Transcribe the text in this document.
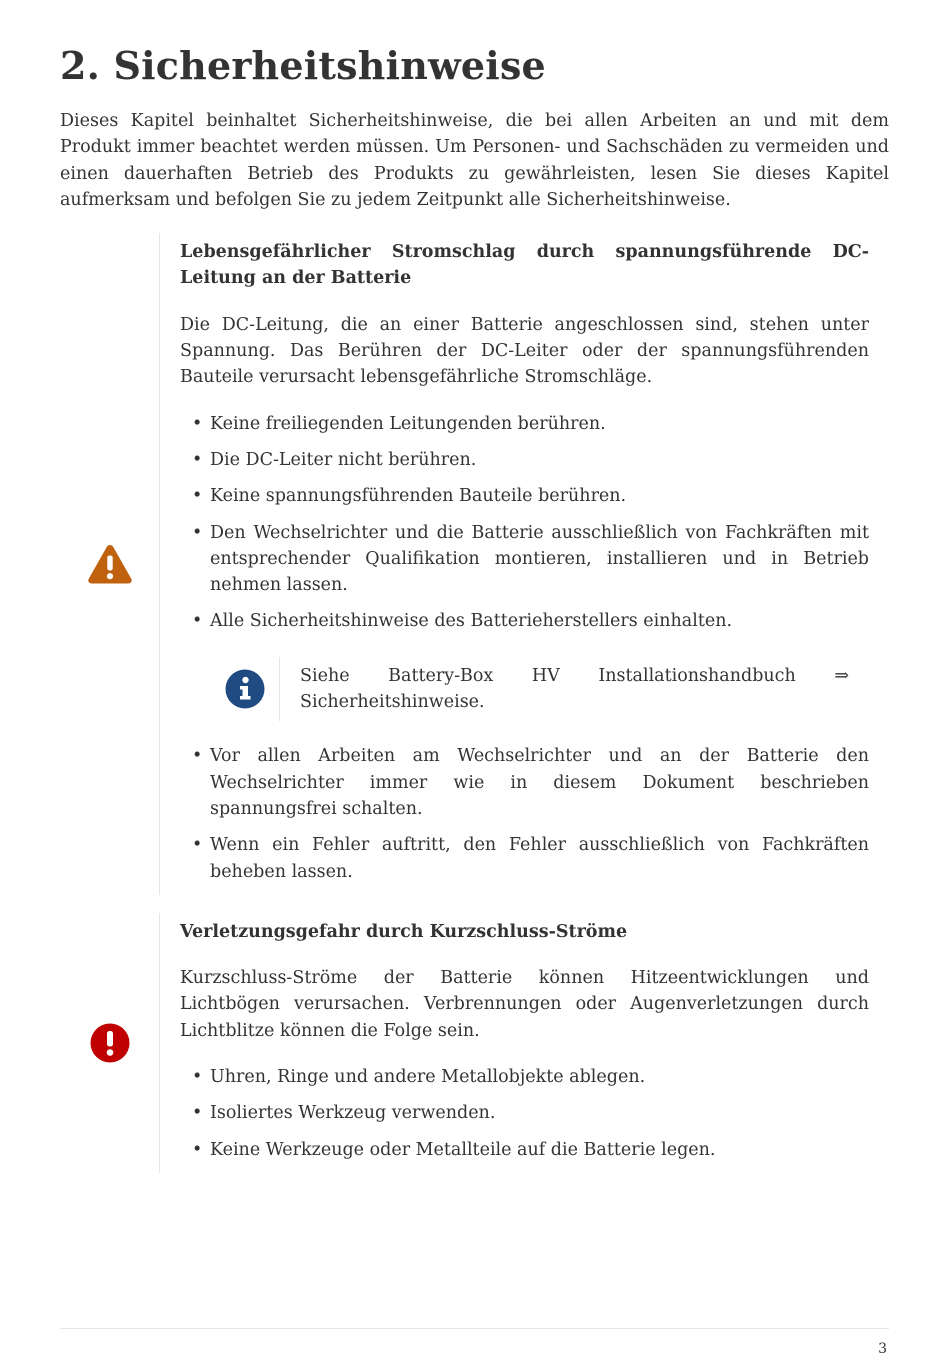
2. Sicherheitshinweise

Dieses Kapitel beinhaltet Sicherheitshinweise, die bei allen Arbeiten an und mit dem Produkt immer beachtet werden müssen. Um Personen- und Sachschäden zu vermeiden und einen dauerhaften Betrieb des Produkts zu gewährleisten, lesen Sie dieses Kapitel aufmerksam und befolgen Sie zu jedem Zeitpunkt alle Sicherheitshinweise.

Lebensgefährlicher Stromschlag durch spannungsführende DC-Leitung an der Batterie

Die DC-Leitung, die an einer Batterie angeschlossen sind, stehen unter Spannung. Das Berühren der DC-Leiter oder der spannungsführenden Bauteile verursacht lebensgefährliche Stromschläge.

• Keine freiliegenden Leitungenden berühren.
• Die DC-Leiter nicht berühren.
• Keine spannungsführenden Bauteile berühren.
• Den Wechselrichter und die Batterie ausschließlich von Fachkräften mit entsprechender Qualifikation montieren, installieren und in Betrieb nehmen lassen.
• Alle Sicherheitshinweise des Batterieherstellers einhalten.
Siehe Battery-Box HV Installationshandbuch ⇒ Sicherheitshinweise.
• Vor allen Arbeiten am Wechselrichter und an der Batterie den Wechselrichter immer wie in diesem Dokument beschrieben spannungsfrei schalten.
• Wenn ein Fehler auftritt, den Fehler ausschließlich von Fachkräften beheben lassen.
Verletzungsgefahr durch Kurzschluss-Ströme

Kurzschluss-Ströme der Batterie können Hitzeentwicklungen und Lichtbögen verursachen. Verbrennungen oder Augenverletzungen durch Lichtblitze können die Folge sein.

• Uhren, Ringe und andere Metallobjekte ablegen.
• Isoliertes Werkzeug verwenden.
• Keine Werkzeuge oder Metallteile auf die Batterie legen.
3
